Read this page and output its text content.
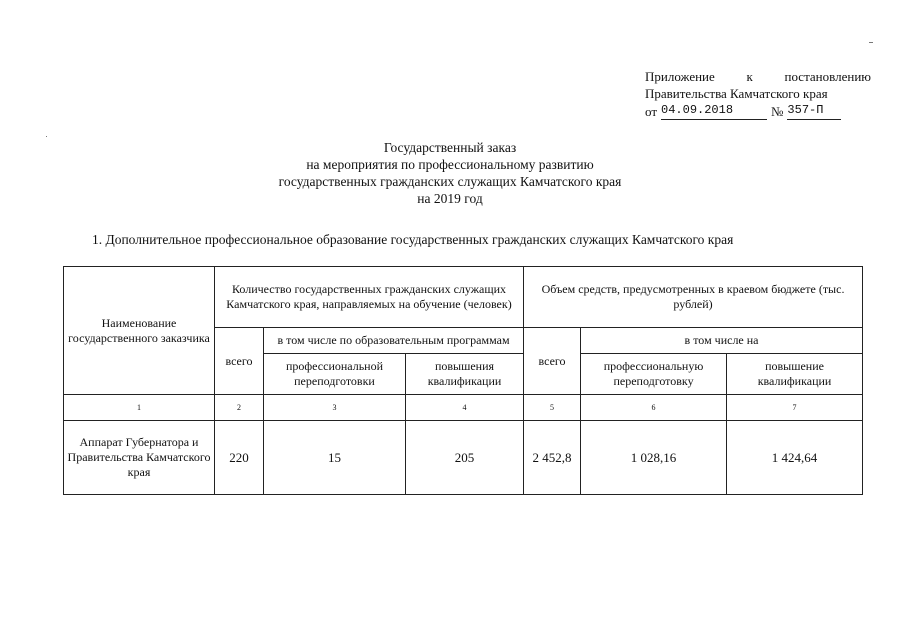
Приложение к постановлению
Правительства Камчатского края
от 04.09.2018	№ 357-П
Государственный заказ
на мероприятия по профессиональному развитию
государственных гражданских служащих Камчатского края
на 2019 год
1. Дополнительное профессиональное образование государственных гражданских служащих Камчатского края
Наименование государственного заказчика	Количество государственных гражданских служащих Камчатского края, направляемых на обучение (человек)			Объем средств, предусмотренных в краевом бюджете (тыс. рублей)		
	всего	в том числе по образовательным программам		всего	в том числе на	
		профессиональной переподготовки	повышения квалификации		профессиональную переподготовку	повышение квалификации
1	2	3	4	5	6	7
Аппарат Губернатора и Правительства Камчатского края	220	15	205	2 452,8	1 028,16	1 424,64
